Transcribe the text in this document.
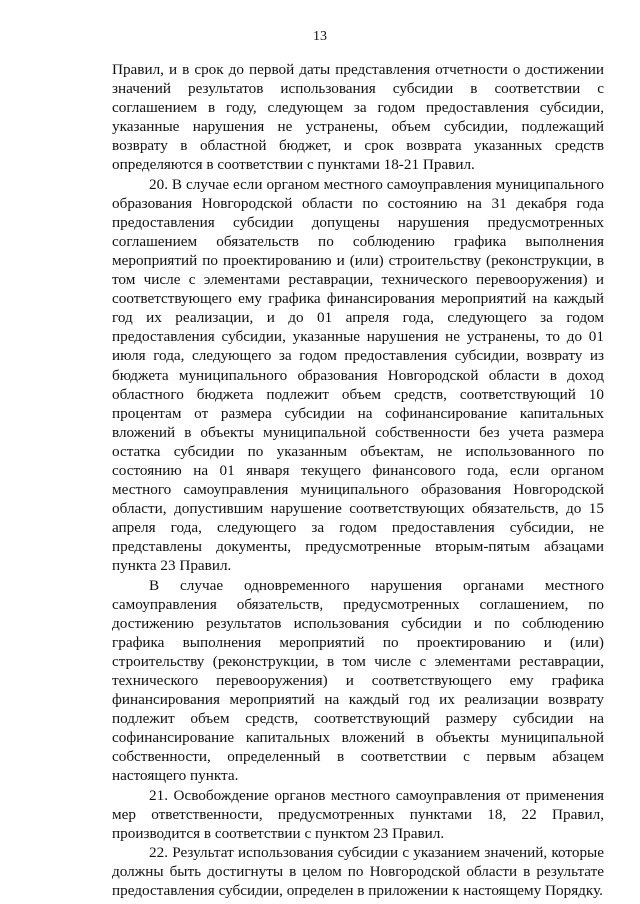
13

Правил, и в срок до первой даты представления отчетности о достижении значений результатов использования субсидии в соответствии с соглашением в году, следующем за годом предоставления субсидии, указанные нарушения не устранены, объем субсидии, подлежащий возврату в областной бюджет, и срок возврата указанных средств определяются в соответствии с пунктами 18-21 Правил.

20. В случае если органом местного самоуправления муниципального образования Новгородской области по состоянию на 31 декабря года предоставления субсидии допущены нарушения предусмотренных соглашением обязательств по соблюдению графика выполнения мероприятий по проектированию и (или) строительству (реконструкции, в том числе с элементами реставрации, технического перевооружения) и соответствующего ему графика финансирования мероприятий на каждый год их реализации, и до 01 апреля года, следующего за годом предоставления субсидии, указанные нарушения не устранены, то до 01 июля года, следующего за годом предоставления субсидии, возврату из бюджета муниципального образования Новгородской области в доход областного бюджета подлежит объем средств, соответствующий 10 процентам от размера субсидии на софинансирование капитальных вложений в объекты муниципальной собственности без учета размера остатка субсидии по указанным объектам, не использованного по состоянию на 01 января текущего финансового года, если органом местного самоуправления муниципального образования Новгородской области, допустившим нарушение соответствующих обязательств, до 15 апреля года, следующего за годом предоставления субсидии, не представлены документы, предусмотренные вторым-пятым абзацами пункта 23 Правил.

В случае одновременного нарушения органами местного самоуправления обязательств, предусмотренных соглашением, по достижению результатов использования субсидии и по соблюдению графика выполнения мероприятий по проектированию и (или) строительству (реконструкции, в том числе с элементами реставрации, технического перевооружения) и соответствующего ему графика финансирования мероприятий на каждый год их реализации возврату подлежит объем средств, соответствующий размеру субсидии на софинансирование капитальных вложений в объекты муниципальной собственности, определенный в соответствии с первым абзацем настоящего пункта.

21. Освобождение органов местного самоуправления от применения мер ответственности, предусмотренных пунктами 18, 22 Правил, производится в соответствии с пунктом 23 Правил.

22. Результат использования субсидии с указанием значений, которые должны быть достигнуты в целом по Новгородской области в результате предоставления субсидии, определен в приложении к настоящему Порядку.
